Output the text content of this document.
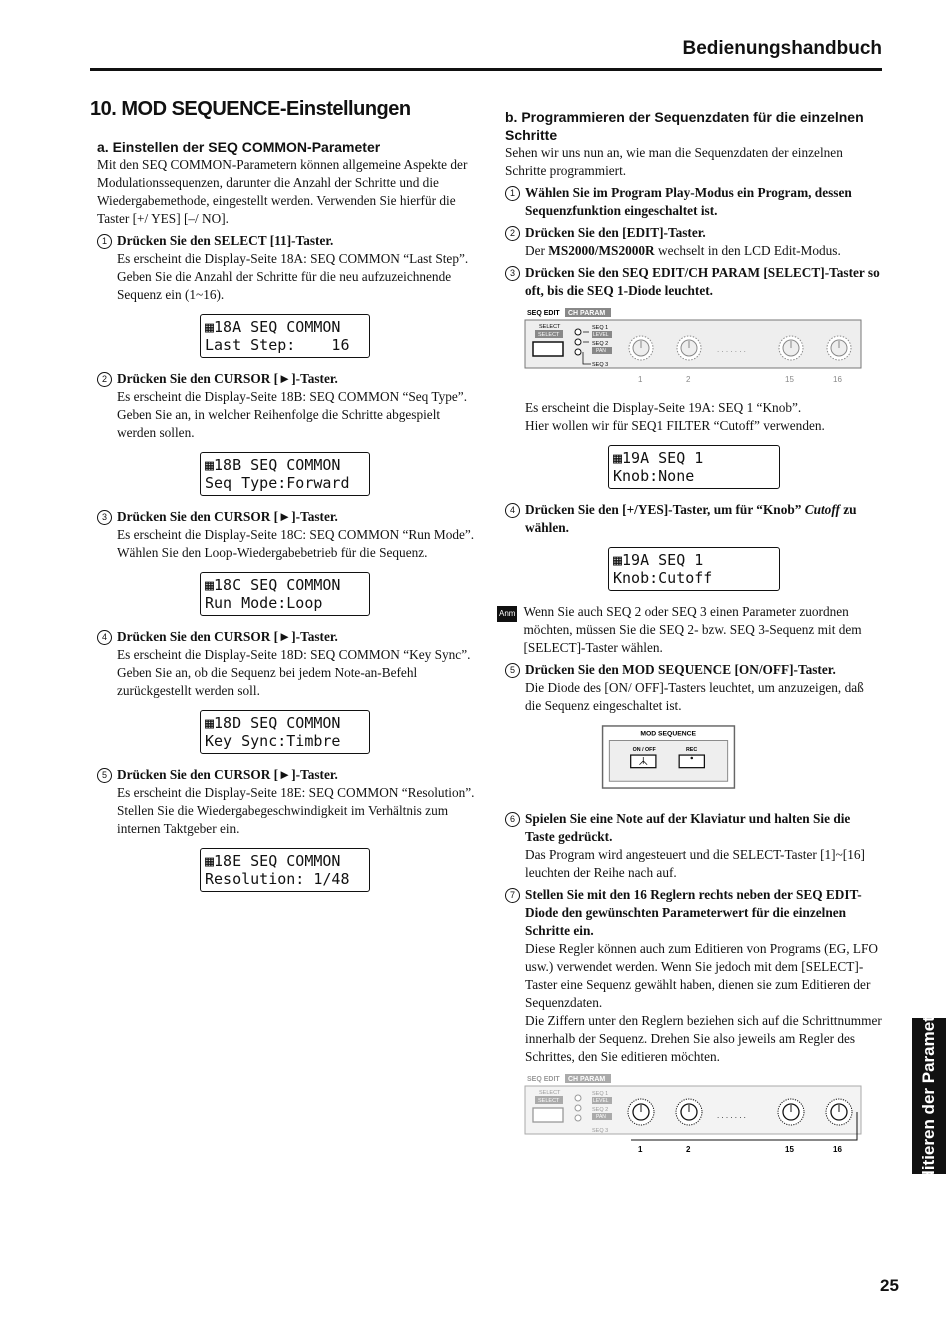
Bedienungshandbuch
10. MOD SEQUENCE-Einstellungen
a. Einstellen der SEQ COMMON-Parameter

Mit den SEQ COMMON-Parametern können allgemeine Aspekte der Modulationssequenzen, darunter die Anzahl der Schritte und die Wiedergabemethode, eingestellt werden. Verwenden Sie hierfür die Taster [+/ YES] [–/ NO].

1 Drücken Sie den SELECT [11]-Taster.

Es erscheint die Display-Seite 18A: SEQ COMMON “Last Step”.

Geben Sie die Anzahl der Schritte für die neu aufzuzeichnende Sequenz ein (1~16).

▦18A SEQ COMMON
Last Step:    16
2 Drücken Sie den CURSOR [►]-Taster.

Es erscheint die Display-Seite 18B: SEQ COMMON “Seq Type”.

Geben Sie an, in welcher Reihenfolge die Schritte abgespielt werden sollen.

▦18B SEQ COMMON
Seq Type:Forward
3 Drücken Sie den CURSOR [►]-Taster.

Es erscheint die Display-Seite 18C: SEQ COMMON “Run Mode”.

Wählen Sie den Loop-Wiedergabebetrieb für die Sequenz.

▦18C SEQ COMMON
Run Mode:Loop
4 Drücken Sie den CURSOR [►]-Taster.

Es erscheint die Display-Seite 18D: SEQ COMMON “Key Sync”.

Geben Sie an, ob die Sequenz bei jedem Note-an-Befehl zurückgestellt werden soll.

▦18D SEQ COMMON
Key Sync:Timbre
5 Drücken Sie den CURSOR [►]-Taster.

Es erscheint die Display-Seite 18E: SEQ COMMON “Resolution”.

Stellen Sie die Wiedergabegeschwindigkeit im Verhältnis zum internen Taktgeber ein.

▦18E SEQ COMMON
Resolution: 1/48
b. Programmieren der Sequenzdaten für die einzelnen Schritte

Sehen wir uns nun an, wie man die Sequenzdaten der einzelnen Schritte programmiert.

1 Wählen Sie im Program Play-Modus ein Program, dessen Sequenzfunktion eingeschaltet ist.
2 Drücken Sie den [EDIT]-Taster.

Der MS2000/MS2000R wechselt in den LCD Edit-Modus.

3 Drücken Sie den SEQ EDIT/CH PARAM [SELECT]-Taster so oft, bis die SEQ 1-Diode leuchtet.
SEQ EDIT CH PARAM
SELECT
SELECT
SEQ 1
LEVEL
SEQ 2
PAN
SEQ 3
. . . . . . .
1	2	15	16

Es erscheint die Display-Seite 19A: SEQ 1 “Knob”.

Hier wollen wir für SEQ1 FILTER “Cutoff” verwenden.

▦19A SEQ 1
Knob:None
4 Drücken Sie den [+/YES]-Taster, um für “Knob” Cutoff zu wählen.
▦19A SEQ 1
Knob:Cutoff
Anm Wenn Sie auch SEQ 2 oder SEQ 3 einen Parameter zuordnen möchten, müssen Sie die SEQ 2- bzw. SEQ 3-Sequenz mit dem [SELECT]-Taster wählen.

5 Drücken Sie den MOD SEQUENCE [ON/OFF]-Taster.

Die Diode des [ON/ OFF]-Tasters leuchtet, um anzuzeigen, daß die Sequenz eingeschaltet ist.

MOD SEQUENCE
ON / OFF	REC
6 Spielen Sie eine Note auf der Klaviatur und halten Sie die Taste gedrückt.

Das Program wird angesteuert und die SELECT-Taster [1]~[16] leuchten der Reihe nach auf.

7 Stellen Sie mit den 16 Reglern rechts neben der SEQ EDIT-Diode den gewünschten Parameterwert für die einzelnen Schritte ein.

Diese Regler können auch zum Editieren von Programs (EG, LFO usw.) verwendet werden. Wenn Sie jedoch mit dem [SELECT]-Taster eine Sequenz gewählt haben, dienen sie zum Editieren der Sequenzdaten.

Die Ziffern unter den Reglern beziehen sich auf die Schrittnummer innerhalb der Sequenz. Drehen Sie also jeweils am Regler des Schrittes, den Sie editieren möchten.

SEQ EDIT CH PARAM
SELECT
SELECT
SEQ 1
LEVEL
SEQ 2
PAN
SEQ 3
. . . . . . .
1	2	15	16	Editieren der Parameter
25
